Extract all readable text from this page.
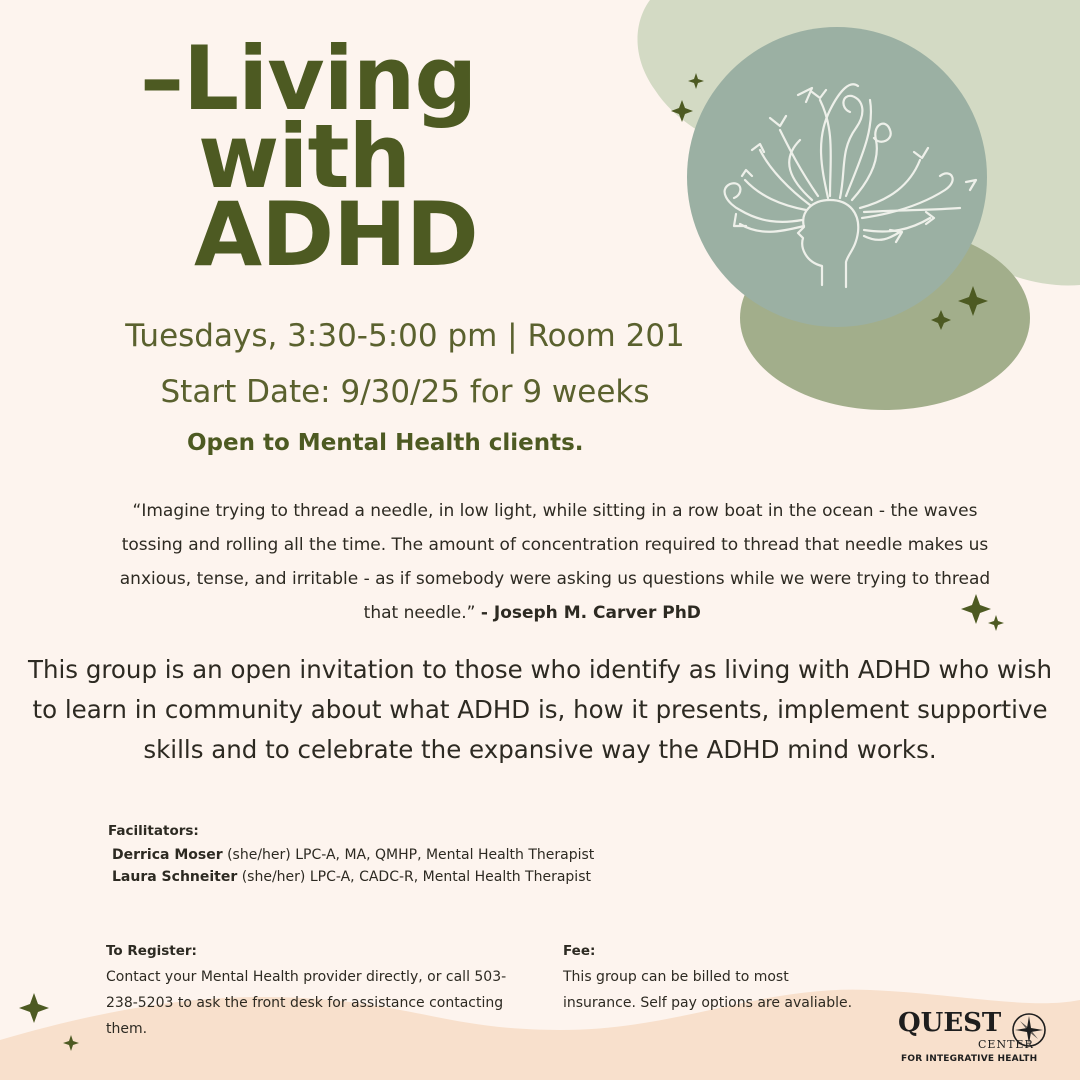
–Living
with
ADHD
Tuesdays, 3:30-5:00 pm | Room 201
Start Date: 9/30/25 for 9 weeks
Open to Mental Health clients.
“Imagine trying to thread a needle, in low light, while sitting in a row boat in the ocean - the waves tossing and rolling all the time. The amount of concentration required to thread that needle makes us anxious, tense, and irritable - as if somebody were asking us questions while we were trying to thread that needle.” - Joseph M. Carver PhD
This group is an open invitation to those who identify as living with ADHD who wish to learn in community about what ADHD is, how it presents, implement supportive skills and to celebrate the expansive way the ADHD mind works.
Facilitators:
Derrica Moser (she/her) LPC-A, MA, QMHP, Mental Health Therapist
Laura Schneiter (she/her) LPC-A, CADC-R, Mental Health Therapist
To Register:
Contact your Mental Health provider directly, or call 503-238-5203 to ask the front desk for assistance contacting them.
Fee:
This group can be billed to most insurance. Self pay options are avaliable.
QUEST
CENTER
FOR INTEGRATIVE HEALTH
